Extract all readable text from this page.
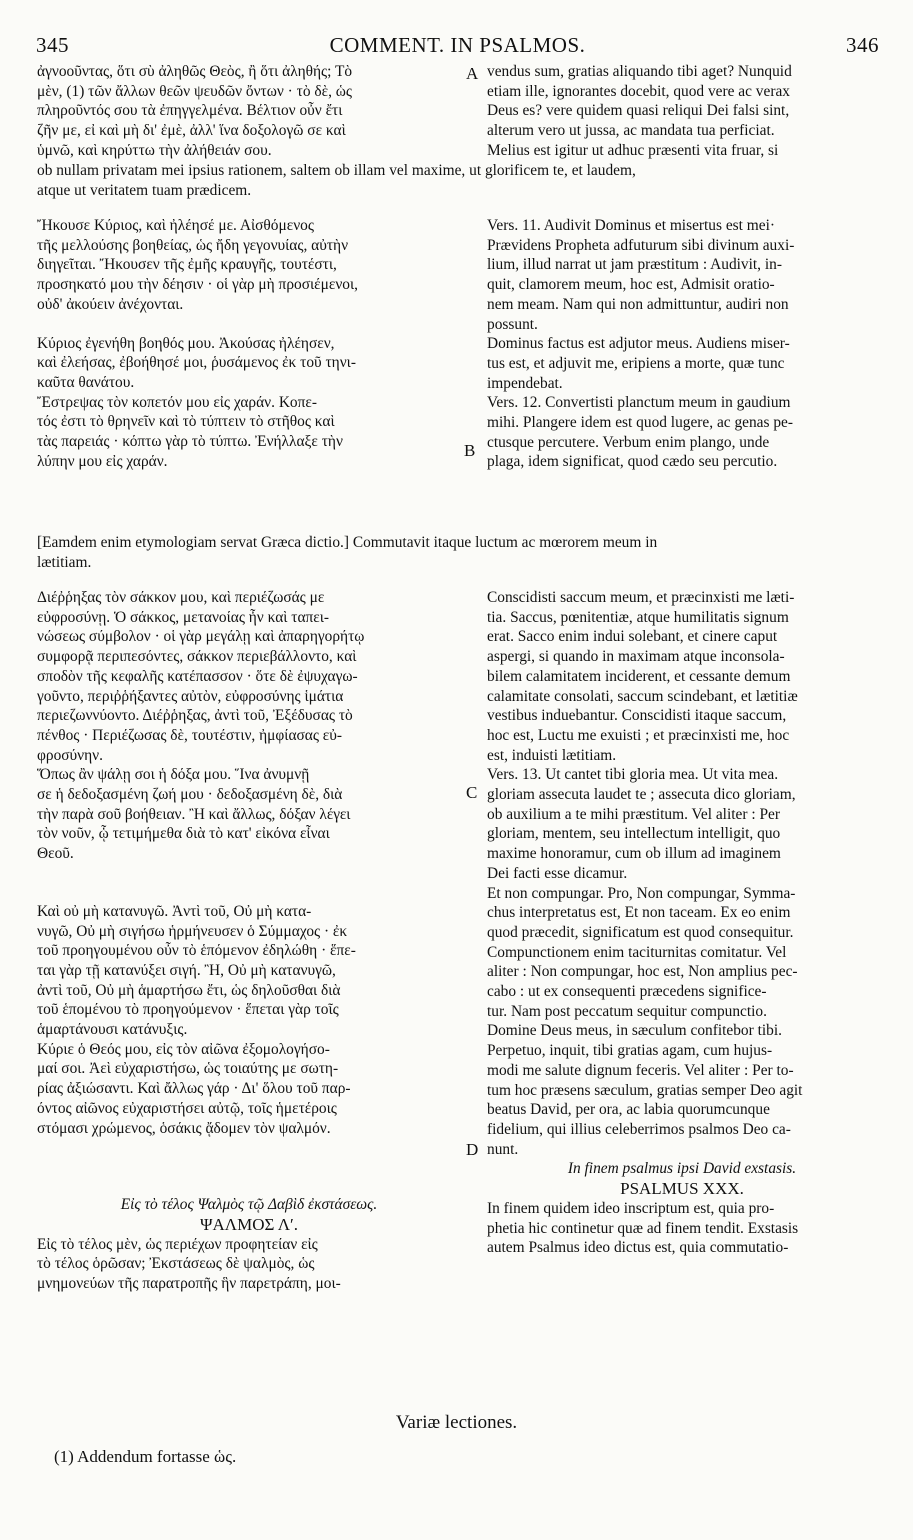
345	COMMENT. IN PSALMOS.	346

ἀγνοοῦντας, ὅτι σὺ ἀληθῶς Θεὸς, ἢ ὅτι ἀληθής; Τὸ

μὲν, (1) τῶν ἄλλων θεῶν ψευδῶν ὄντων · τὸ δὲ, ὡς

πληροῦντός σου τὰ ἐπηγγελμένα. Βέλτιον οὖν ἔτι

ζῆν με, εἰ καὶ μὴ δι' ἐμὲ, ἀλλ' ἵνα δοξολογῶ σε καὶ

ὑμνῶ, καὶ κηρύττω τὴν ἀλήθειάν σου.

vendus sum, gratias aliquando tibi aget? Nunquid

etiam ille, ignorantes docebit, quod vere ac verax

Deus es? vere quidem quasi reliqui Dei falsi sint,

alterum vero ut jussa, ac mandata tua perficiat.

Melius est igitur ut adhuc præsenti vita fruar, si

A

ob nullam privatam mei ipsius rationem, saltem ob illam vel maxime, ut glorificem te, et laudem,

atque ut veritatem tuam prædicem.

Ἤκουσε Κύριος, καὶ ἠλέησέ με. Αἰσθόμενος

τῆς μελλούσης βοηθείας, ὡς ἤδη γεγονυίας, αὐτὴν

διηγεῖται. Ἤκουσεν τῆς ἐμῆς κραυγῆς, τουτέστι,

προσηκατό μου τὴν δέησιν · οἱ γὰρ μὴ προσιέμενοι,

οὐδ' ἀκούειν ἀνέχονται.

Κύριος ἐγενήθη βοηθός μου. Ἀκούσας ἠλέησεν,

καὶ ἐλεήσας, ἐβοήθησέ μοι, ῥυσάμενος ἐκ τοῦ τηνι-

καῦτα θανάτου.

Ἔστρεψας τὸν κοπετόν μου εἰς χαράν. Κοπε-

τός ἐστι τὸ θρηνεῖν καὶ τὸ τύπτειν τὸ στῆθος καὶ

τὰς παρειάς · κόπτω γὰρ τὸ τύπτω. Ἐνήλλαξε τὴν

λύπην μου εἰς χαράν.

Vers. 11. Audivit Dominus et misertus est mei·

Prævidens Propheta adfuturum sibi divinum auxi-

lium, illud narrat ut jam præstitum : Audivit, in-

quit, clamorem meum, hoc est, Admisit oratio-

nem meam. Nam qui non admittuntur, audiri non

possunt.

Dominus factus est adjutor meus. Audiens miser-

tus est, et adjuvit me, eripiens a morte, quæ tunc

impendebat.

Vers. 12. Convertisti planctum meum in gaudium

mihi. Plangere idem est quod lugere, ac genas pe-

ctusque percutere. Verbum enim plango, unde

plaga, idem significat, quod cædo seu percutio.

B

[Eamdem enim etymologiam servat Græca dictio.] Commutavit itaque luctum ac mœrorem meum in

lætitiam.

Διέῤῥηξας τὸν σάκκον μου, καὶ περιέζωσάς με

εὐφροσύνῃ. Ὁ σάκκος, μετανοίας ἦν καὶ ταπει-

νώσεως σύμβολον · οἱ γὰρ μεγάλῃ καὶ ἀπαρηγορήτῳ

συμφορᾷ περιπεσόντες, σάκκον περιεβάλλοντο, καὶ

σποδὸν τῆς κεφαλῆς κατέπασσον · ὅτε δὲ ἐψυχαγω-

γοῦντο, περιῤῥήξαντες αὐτὸν, εὐφροσύνης ἱμάτια

περιεζωννύοντο. Διέῤῥηξας, ἀντὶ τοῦ, Ἐξέδυσας τὸ

πένθος · Περιέζωσας δὲ, τουτέστιν, ἠμφίασας εὐ-

φροσύνην.

Ὅπως ἂν ψάλῃ σοι ἡ δόξα μου. Ἵνα ἀνυμνῇ

σε ἡ δεδοξασμένη ζωή μου · δεδοξασμένη δὲ, διὰ

τὴν παρὰ σοῦ βοήθειαν. Ἢ καὶ ἄλλως, δόξαν λέγει

τὸν νοῦν, ᾧ τετιμήμεθα διὰ τὸ κατ' εἰκόνα εἶναι

Θεοῦ.

Καὶ οὐ μὴ κατανυγῶ. Ἀντὶ τοῦ, Οὐ μὴ κατα-

νυγῶ, Οὐ μὴ σιγήσω ἡρμήνευσεν ὁ Σύμμαχος · ἐκ

τοῦ προηγουμένου οὖν τὸ ἑπόμενον ἐδηλώθη · ἕπε-

ται γὰρ τῇ κατανύξει σιγή. Ἢ, Οὐ μὴ κατανυγῶ,

ἀντὶ τοῦ, Οὐ μὴ ἁμαρτήσω ἔτι, ὡς δηλοῦσθαι διὰ

τοῦ ἑπομένου τὸ προηγούμενον · ἕπεται γὰρ τοῖς

ἁμαρτάνουσι κατάνυξις.

Κύριε ὁ Θεός μου, εἰς τὸν αἰῶνα ἐξομολογήσο-

μαί σοι. Ἀεὶ εὐχαριστήσω, ὡς τοιαύτης με σωτη-

ρίας ἀξιώσαντι. Καὶ ἄλλως γάρ · Δι' ὅλου τοῦ παρ-

όντος αἰῶνος εὐχαριστήσει αὐτῷ, τοῖς ἡμετέροις

στόμασι χρώμενος, ὁσάκις ᾄδομεν τὸν ψαλμόν.

Εἰς τὸ τέλος Ψαλμὸς τῷ Δαβὶδ ἐκστάσεως.

ΨΑΛΜΟΣ Λʹ.

Εἰς τὸ τέλος μὲν, ὡς περιέχων προφητείαν εἰς

τὸ τέλος ὁρῶσαν; Ἐκστάσεως δὲ ψαλμὸς, ὡς

μνημονεύων τῆς παρατροπῆς ἣν παρετράπη, μοι-

Conscidisti saccum meum, et præcinxisti me læti-

tia. Saccus, pœnitentiæ, atque humilitatis signum

erat. Sacco enim indui solebant, et cinere caput

aspergi, si quando in maximam atque inconsola-

bilem calamitatem inciderent, et cessante demum

calamitate consolati, saccum scindebant, et lætitiæ

vestibus induebantur. Conscidisti itaque saccum,

hoc est, Luctu me exuisti ; et præcinxisti me, hoc

est, induisti lætitiam.

Vers. 13. Ut cantet tibi gloria mea. Ut vita mea.

gloriam assecuta laudet te ; assecuta dico gloriam,

ob auxilium a te mihi præstitum. Vel aliter : Per

gloriam, mentem, seu intellectum intelligit, quo

maxime honoramur, cum ob illum ad imaginem

Dei facti esse dicamur.

Et non compungar. Pro, Non compungar, Symma-

chus interpretatus est, Et non taceam. Ex eo enim

quod præcedit, significatum est quod consequitur.

Compunctionem enim taciturnitas comitatur. Vel

aliter : Non compungar, hoc est, Non amplius pec-

cabo : ut ex consequenti præcedens significe-

tur. Nam post peccatum sequitur compunctio.

Domine Deus meus, in sæculum confitebor tibi.

Perpetuo, inquit, tibi gratias agam, cum hujus-

modi me salute dignum feceris. Vel aliter : Per to-

tum hoc præsens sæculum, gratias semper Deo agit

beatus David, per ora, ac labia quorumcunque

fidelium, qui illius celeberrimos psalmos Deo ca-

nunt.

In finem psalmus ipsi David exstasis.

PSALMUS XXX.

In finem quidem ideo inscriptum est, quia pro-

phetia hic continetur quæ ad finem tendit. Exstasis

autem Psalmus ideo dictus est, quia commutatio-

C
D
Variæ lectiones.
(1) Addendum fortasse ὡς.
